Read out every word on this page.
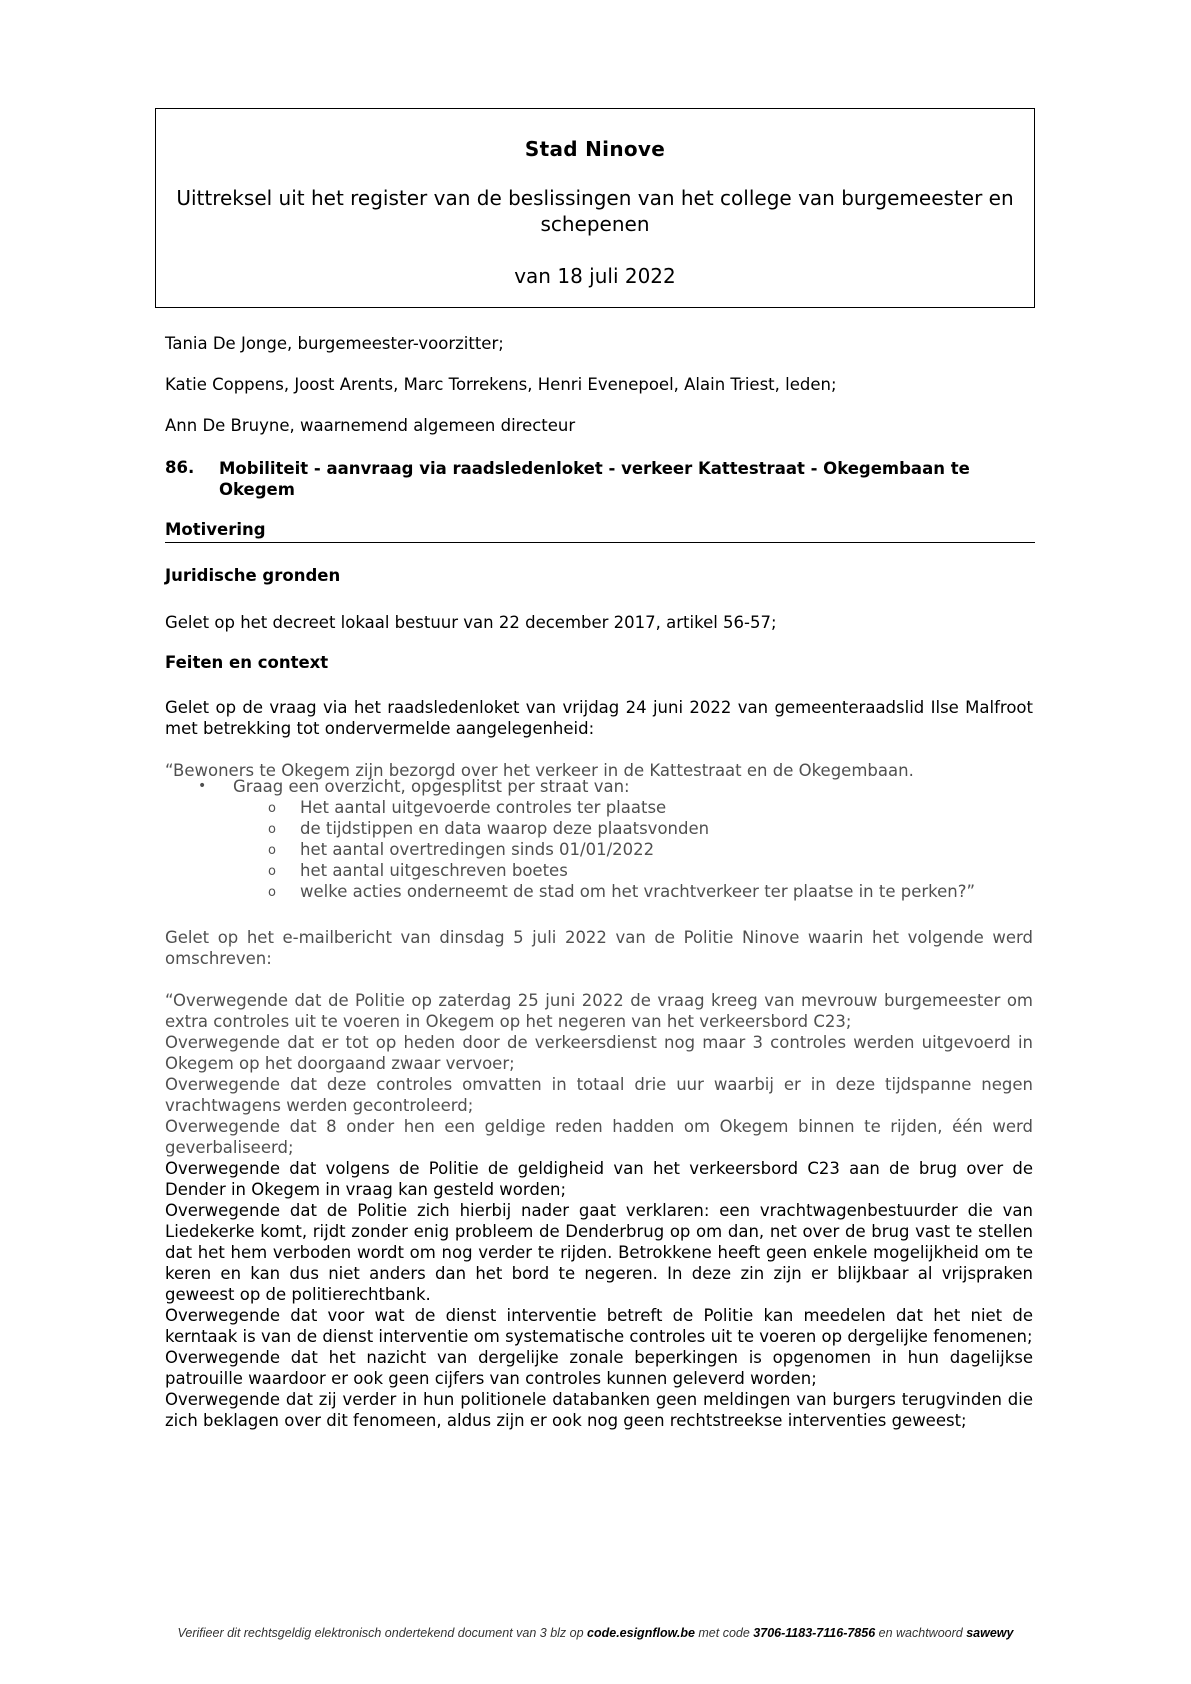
Stad Ninove
Uittreksel uit het register van de beslissingen van het college van burgemeester en schepenen
van 18 juli 2022
Tania De Jonge, burgemeester-voorzitter;
Katie Coppens, Joost Arents, Marc Torrekens, Henri Evenepoel, Alain Triest, leden;
Ann De Bruyne, waarnemend algemeen directeur
86. Mobiliteit - aanvraag via raadsledenloket - verkeer Kattestraat - Okegembaan te Okegem
Motivering
Juridische gronden
Gelet op het decreet lokaal bestuur van 22 december 2017, artikel 56-57;
Feiten en context
Gelet op de vraag via het raadsledenloket van vrijdag 24 juni 2022 van gemeenteraadslid Ilse Malfroot met betrekking tot ondervermelde aangelegenheid:
“Bewoners te Okegem zijn bezorgd over het verkeer in de Kattestraat en de Okegembaan.
• Graag een overzicht, opgesplitst per straat van:
o Het aantal uitgevoerde controles ter plaatse
o de tijdstippen en data waarop deze plaatsvonden
o het aantal overtredingen sinds 01/01/2022
o het aantal uitgeschreven boetes
o welke acties onderneemt de stad om het vrachtverkeer ter plaatse in te perken?”
Gelet op het e-mailbericht van dinsdag 5 juli 2022 van de Politie Ninove waarin het volgende werd omschreven:
“Overwegende dat de Politie op zaterdag 25 juni 2022 de vraag kreeg van mevrouw burgemeester om extra controles uit te voeren in Okegem op het negeren van het verkeersbord C23;
Overwegende dat er tot op heden door de verkeersdienst nog maar 3 controles werden uitgevoerd in Okegem op het doorgaand zwaar vervoer;
Overwegende dat deze controles omvatten in totaal drie uur waarbij er in deze tijdspanne negen vrachtwagens werden gecontroleerd;
Overwegende dat 8 onder hen een geldige reden hadden om Okegem binnen te rijden, één werd geverbaliseerd;
Overwegende dat volgens de Politie de geldigheid van het verkeersbord C23 aan de brug over de Dender in Okegem in vraag kan gesteld worden;
Overwegende dat de Politie zich hierbij nader gaat verklaren: een vrachtwagenbestuurder die van Liedekerke komt, rijdt zonder enig probleem de Denderbrug op om dan, net over de brug vast te stellen dat het hem verboden wordt om nog verder te rijden. Betrokkene heeft geen enkele mogelijkheid om te keren en kan dus niet anders dan het bord te negeren. In deze zin zijn er blijkbaar al vrijspraken geweest op de politierechtbank.
Overwegende dat voor wat de dienst interventie betreft de Politie kan meedelen dat het niet de kerntaak is van de dienst interventie om systematische controles uit te voeren op dergelijke fenomenen;
Overwegende dat het nazicht van dergelijke zonale beperkingen is opgenomen in hun dagelijkse patrouille waardoor er ook geen cijfers van controles kunnen geleverd worden;
Overwegende dat zij verder in hun politionele databanken geen meldingen van burgers terugvinden die zich beklagen over dit fenomeen, aldus zijn er ook nog geen rechtstreekse interventies geweest;
Verifieer dit rechtsgeldig elektronisch ondertekend document van 3 blz op code.esignflow.be met code 3706-1183-7116-7856 en wachtwoord sawewy
